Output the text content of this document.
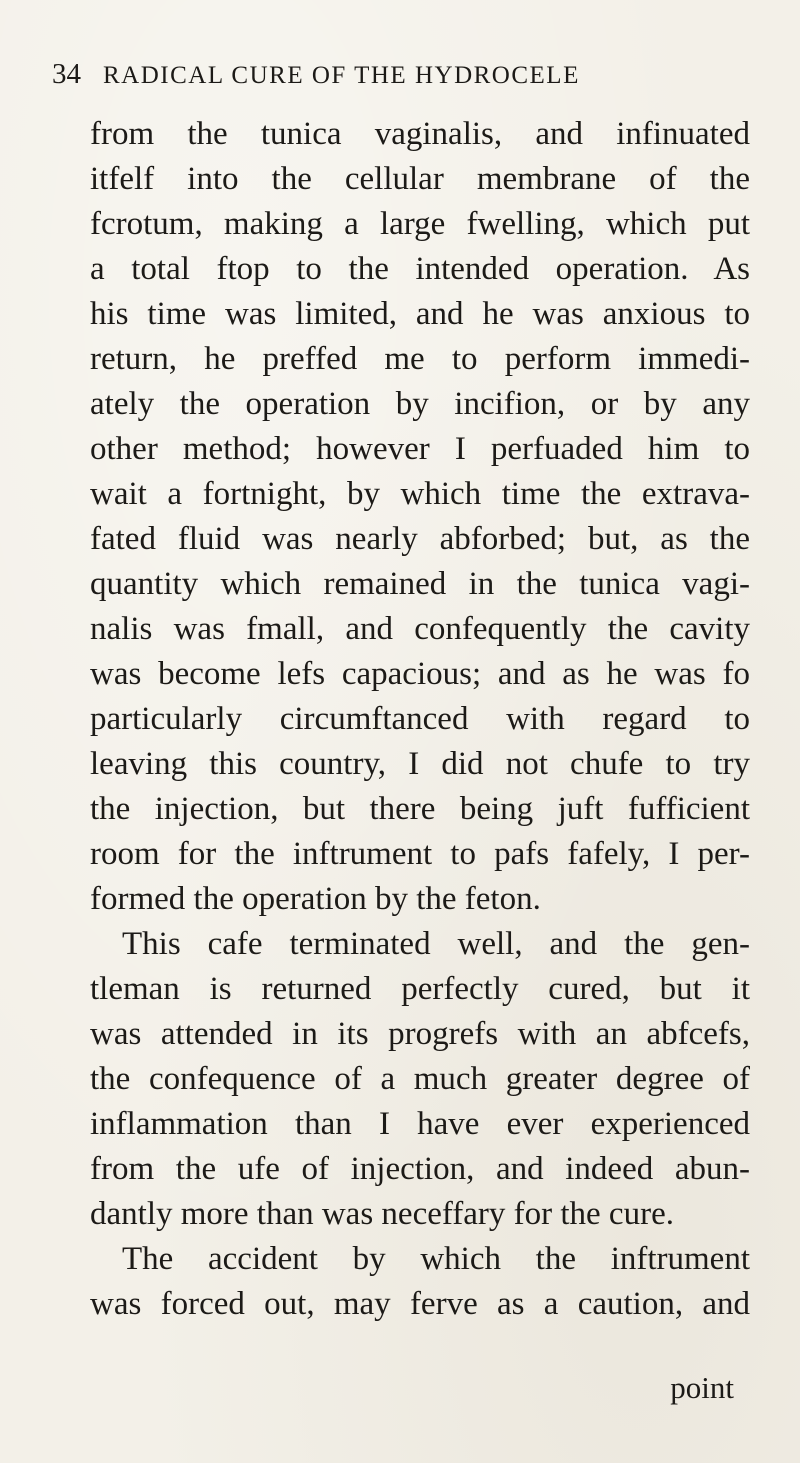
34 RADICAL CURE OF THE HYDROCELE
from the tunica vaginalis, and infinuated
itfelf into the cellular membrane of the
fcrotum, making a large fwelling, which put
a total ftop to the intended operation. As
his time was limited, and he was anxious to
return, he preffed me to perform immedi-
ately the operation by incifion, or by any
other method; however I perfuaded him to
wait a fortnight, by which time the extrava-
fated fluid was nearly abforbed; but, as the
quantity which remained in the tunica vagi-
nalis was fmall, and confequently the cavity
was become lefs capacious; and as he was fo
particularly circumftanced with regard to
leaving this country, I did not chufe to try
the injection, but there being juft fufficient
room for the inftrument to pafs fafely, I per-
formed the operation by the feton.
This cafe terminated well, and the gen-
tleman is returned perfectly cured, but it
was attended in its progrefs with an abfcefs,
the confequence of a much greater degree of
inflammation than I have ever experienced
from the ufe of injection, and indeed abun-
dantly more than was neceffary for the cure.
The accident by which the inftrument
was forced out, may ferve as a caution, and
point
